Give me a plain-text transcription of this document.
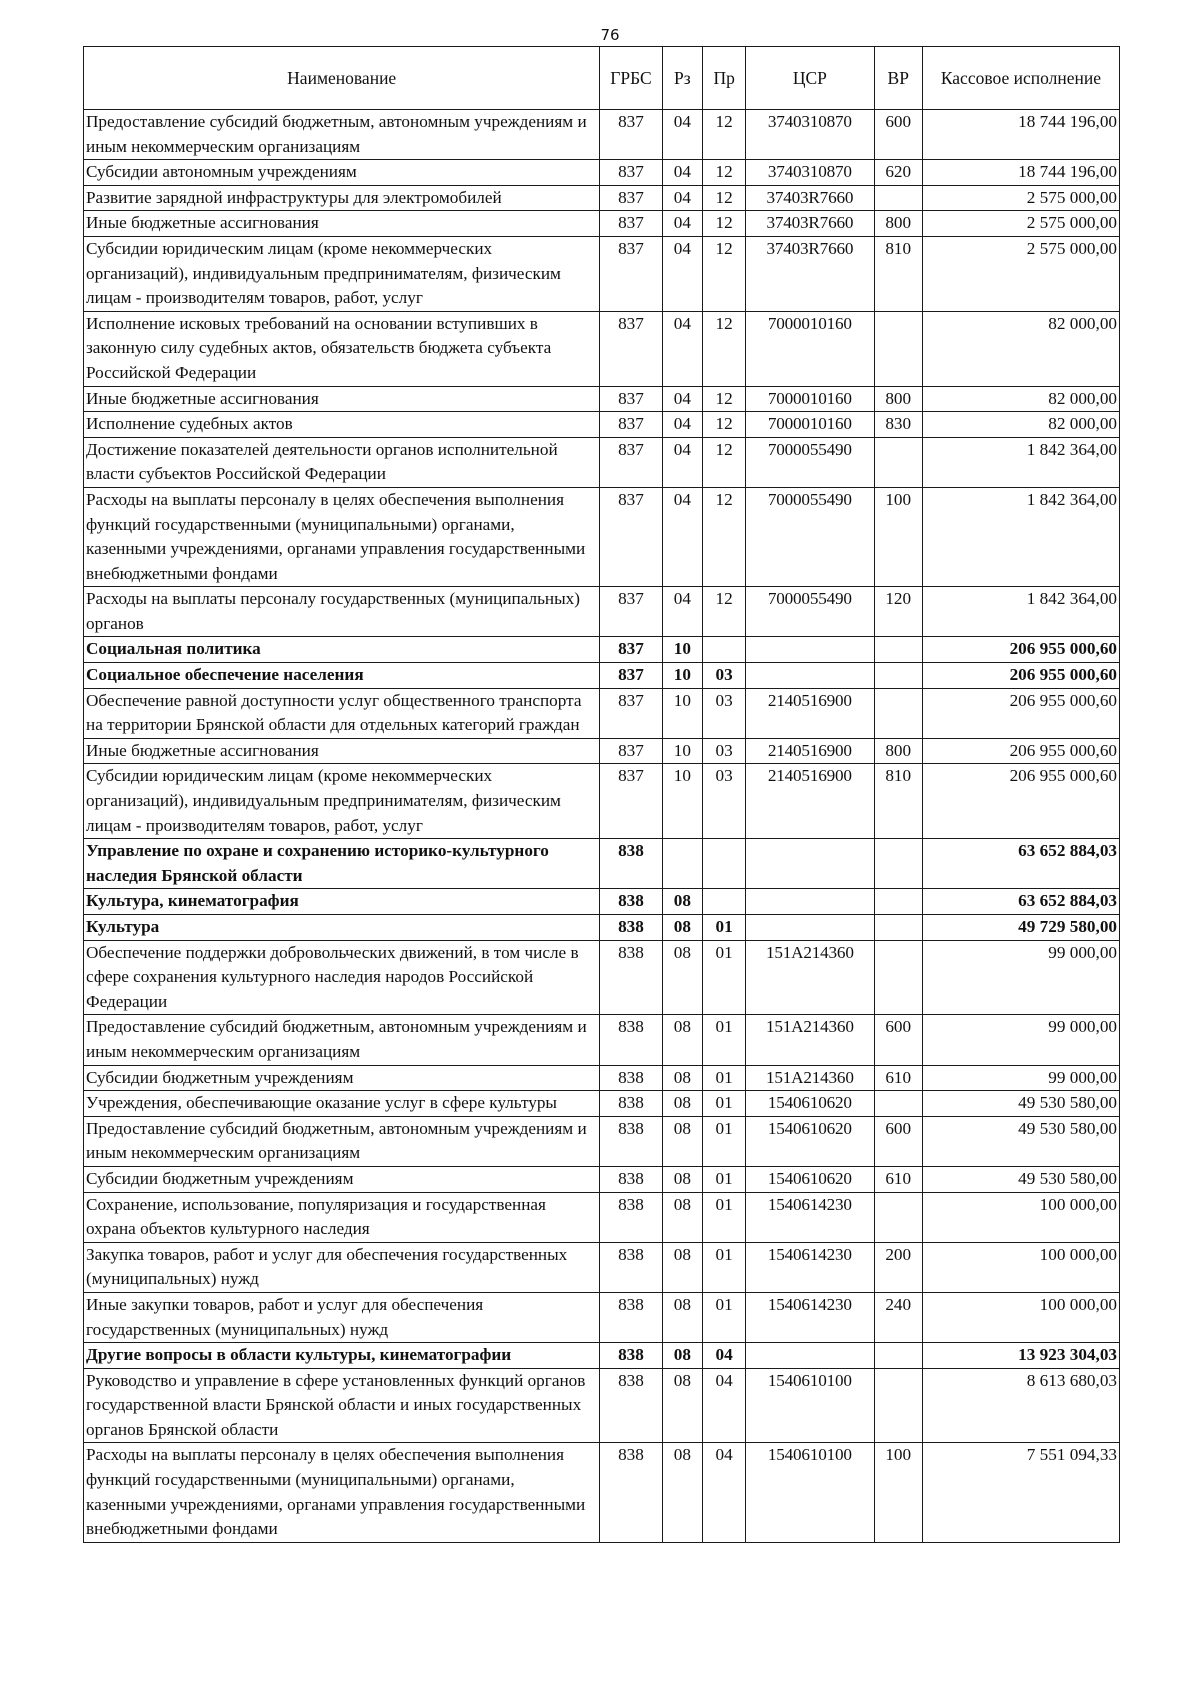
76
Наименование	ГРБС	Рз	Пр	ЦСР	ВР	Кассовое исполнение
Предоставление субсидий бюджетным, автономным учреждениям и иным некоммерческим организациям	837	04	12	3740310870	600	18 744 196,00
Субсидии автономным учреждениям	837	04	12	3740310870	620	18 744 196,00
Развитие зарядной инфраструктуры для электромобилей	837	04	12	37403R7660		2 575 000,00
Иные бюджетные ассигнования	837	04	12	37403R7660	800	2 575 000,00
Субсидии юридическим лицам (кроме некоммерческих организаций), индивидуальным предпринимателям, физическим лицам - производителям товаров, работ, услуг	837	04	12	37403R7660	810	2 575 000,00
Исполнение исковых требований на основании вступивших в законную силу судебных актов, обязательств бюджета субъекта Российской Федерации	837	04	12	7000010160		82 000,00
Иные бюджетные ассигнования	837	04	12	7000010160	800	82 000,00
Исполнение судебных актов	837	04	12	7000010160	830	82 000,00
Достижение показателей деятельности органов исполнительной власти субъектов Российской Федерации	837	04	12	7000055490		1 842 364,00
Расходы на выплаты персоналу в целях обеспечения выполнения функций государственными (муниципальными) органами, казенными учреждениями, органами управления государственными внебюджетными фондами	837	04	12	7000055490	100	1 842 364,00
Расходы на выплаты персоналу государственных (муниципальных) органов	837	04	12	7000055490	120	1 842 364,00
Социальная политика	837	10				206 955 000,60
Социальное обеспечение населения	837	10	03			206 955 000,60
Обеспечение равной доступности услуг общественного транспорта на территории Брянской области для отдельных категорий граждан	837	10	03	2140516900		206 955 000,60
Иные бюджетные ассигнования	837	10	03	2140516900	800	206 955 000,60
Субсидии юридическим лицам (кроме некоммерческих организаций), индивидуальным предпринимателям, физическим лицам - производителям товаров, работ, услуг	837	10	03	2140516900	810	206 955 000,60
Управление по охране и сохранению историко-культурного наследия Брянской области	838					63 652 884,03
Культура, кинематография	838	08				63 652 884,03
Культура	838	08	01			49 729 580,00
Обеспечение поддержки добровольческих движений, в том числе в сфере сохранения культурного наследия народов Российской Федерации	838	08	01	151A214360		99 000,00
Предоставление субсидий бюджетным, автономным учреждениям и иным некоммерческим организациям	838	08	01	151A214360	600	99 000,00
Субсидии бюджетным учреждениям	838	08	01	151A214360	610	99 000,00
Учреждения, обеспечивающие оказание услуг в сфере культуры	838	08	01	1540610620		49 530 580,00
Предоставление субсидий бюджетным, автономным учреждениям и иным некоммерческим организациям	838	08	01	1540610620	600	49 530 580,00
Субсидии бюджетным учреждениям	838	08	01	1540610620	610	49 530 580,00
Сохранение, использование, популяризация и государственная охрана объектов культурного наследия	838	08	01	1540614230		100 000,00
Закупка товаров, работ и услуг для обеспечения государственных (муниципальных) нужд	838	08	01	1540614230	200	100 000,00
Иные закупки товаров, работ и услуг для обеспечения государственных (муниципальных) нужд	838	08	01	1540614230	240	100 000,00
Другие вопросы в области культуры, кинематографии	838	08	04			13 923 304,03
Руководство и управление в сфере установленных функций органов государственной власти Брянской области и иных государственных органов Брянской области	838	08	04	1540610100		8 613 680,03
Расходы на выплаты персоналу в целях обеспечения выполнения функций государственными (муниципальными) органами, казенными учреждениями, органами управления государственными внебюджетными фондами	838	08	04	1540610100	100	7 551 094,33
